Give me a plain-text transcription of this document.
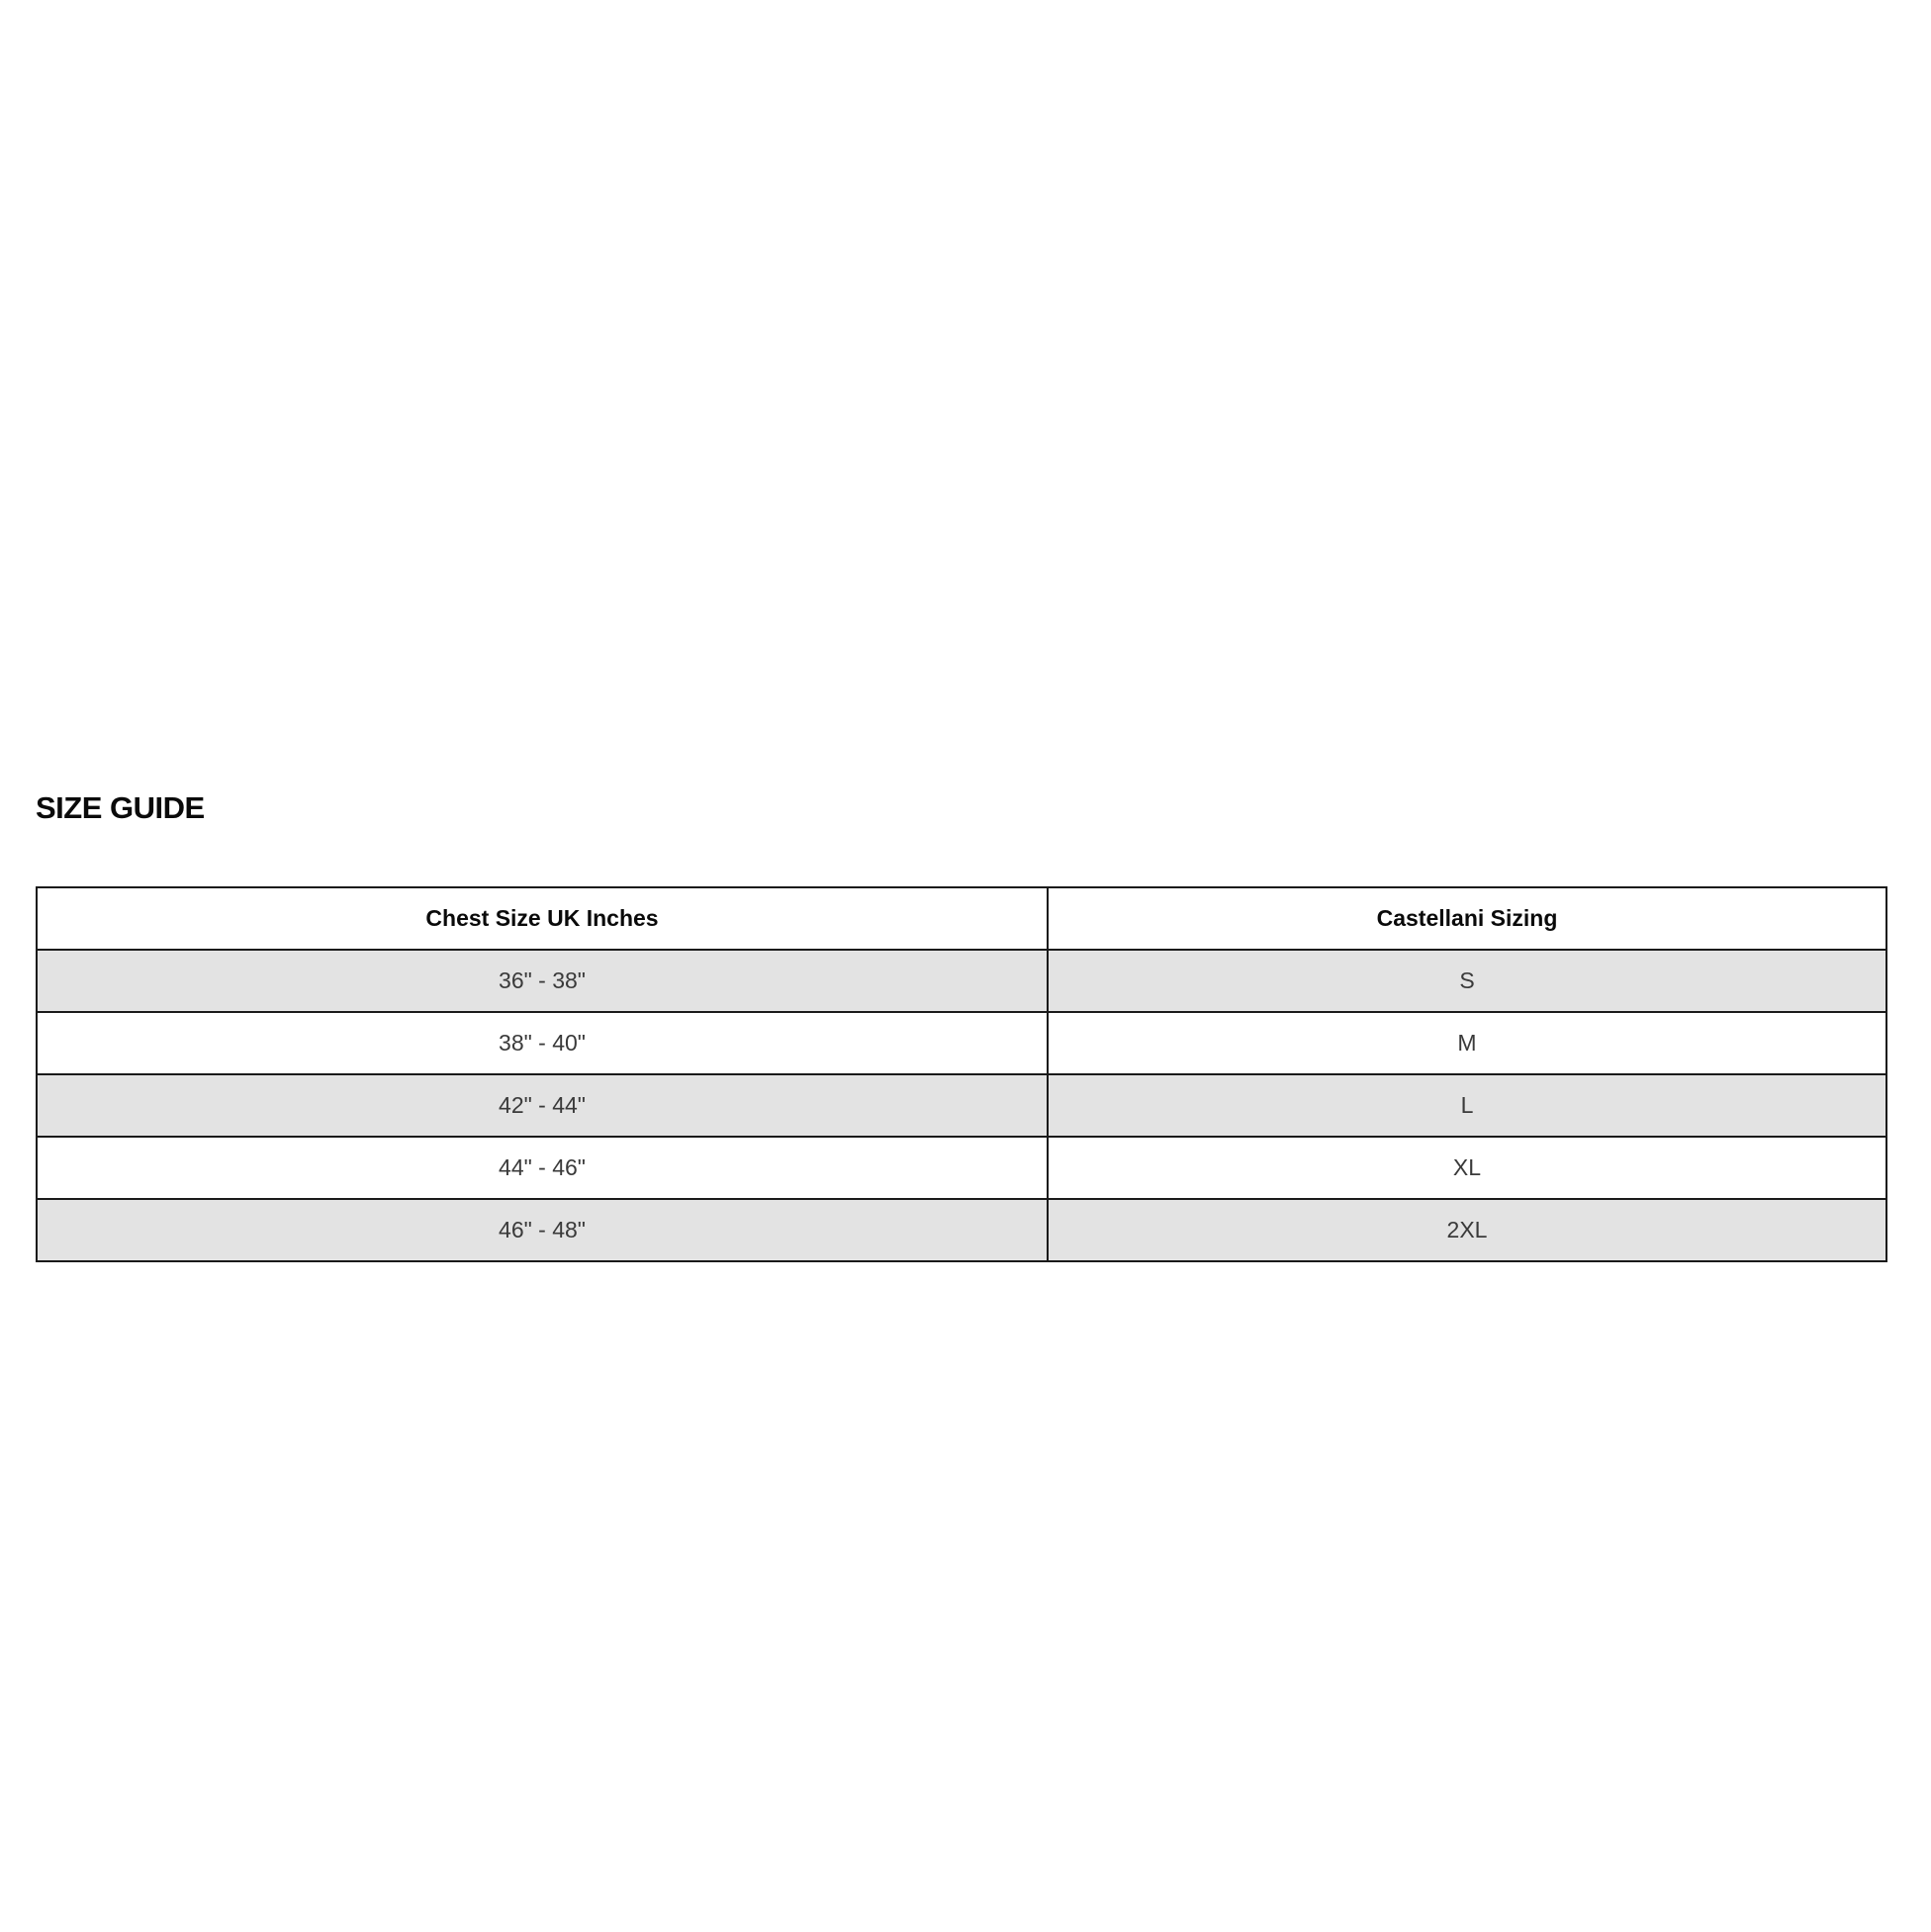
SIZE GUIDE
Chest Size UK Inches	Castellani Sizing
36" - 38"	S
38" - 40"	M
42" - 44"	L
44" - 46"	XL
46" - 48"	2XL
